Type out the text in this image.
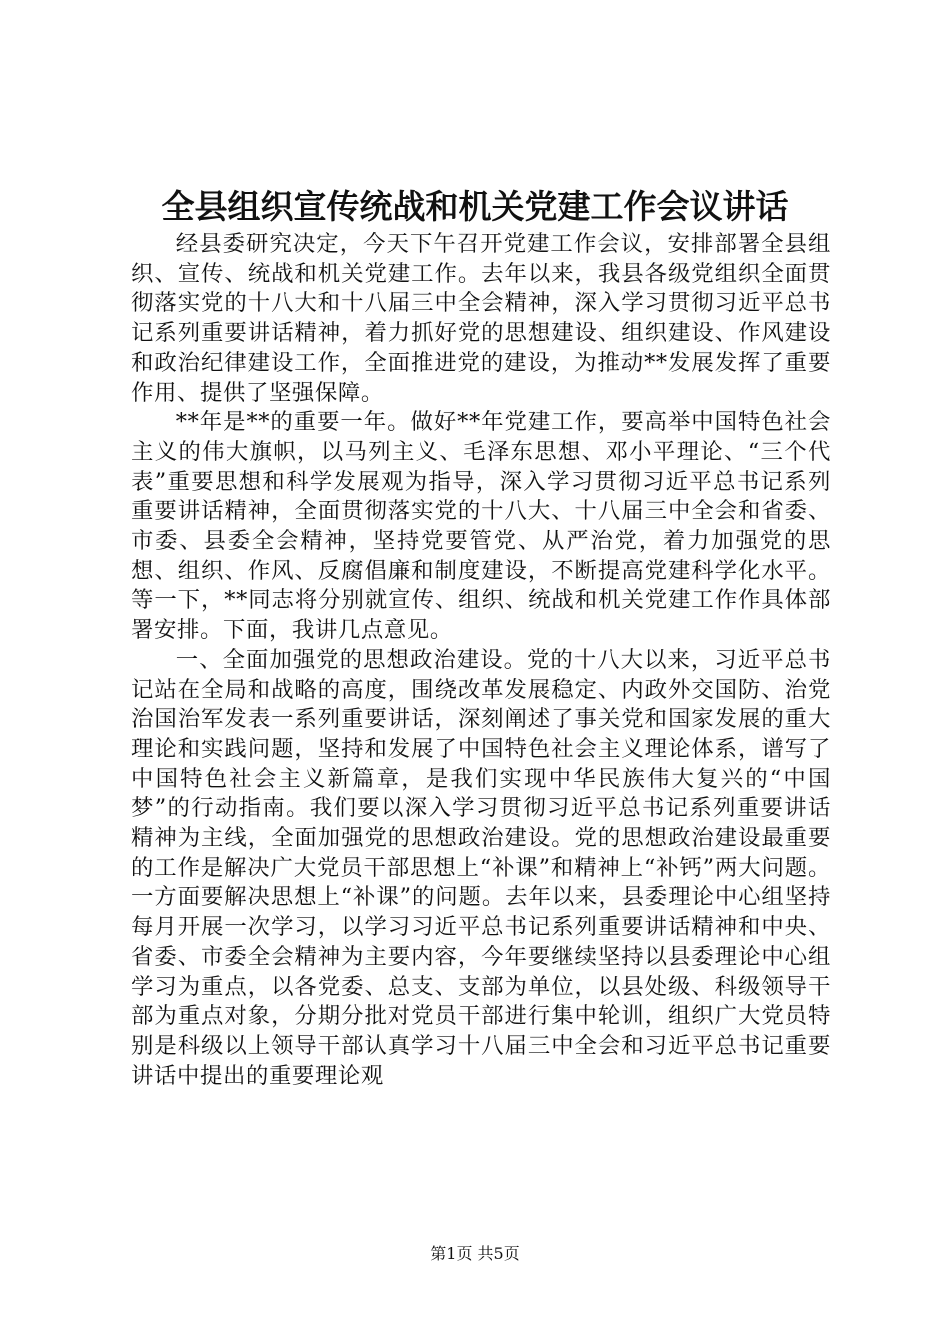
全县组织宣传统战和机关党建工作会议讲话

经县委研究决定，今天下午召开党建工作会议，安排部署全县组织、宣传、统战和机关党建工作。去年以来，我县各级党组织全面贯彻落实党的十八大和十八届三中全会精神，深入学习贯彻习近平总书记系列重要讲话精神，着力抓好党的思想建设、组织建设、作风建设和政治纪律建设工作，全面推进党的建设，为推动**发展发挥了重要作用、提供了坚强保障。

**年是**的重要一年。做好**年党建工作，要高举中国特色社会主义的伟大旗帜，以马列主义、毛泽东思想、邓小平理论、“三个代表”重要思想和科学发展观为指导，深入学习贯彻习近平总书记系列重要讲话精神，全面贯彻落实党的十八大、十八届三中全会和省委、市委、县委全会精神，坚持党要管党、从严治党，着力加强党的思想、组织、作风、反腐倡廉和制度建设，不断提高党建科学化水平。等一下，**同志将分别就宣传、组织、统战和机关党建工作作具体部署安排。下面，我讲几点意见。

一、全面加强党的思想政治建设。党的十八大以来，习近平总书记站在全局和战略的高度，围绕改革发展稳定、内政外交国防、治党治国治军发表一系列重要讲话，深刻阐述了事关党和国家发展的重大理论和实践问题，坚持和发展了中国特色社会主义理论体系，谱写了中国特色社会主义新篇章，是我们实现中华民族伟大复兴的“中国梦”的行动指南。我们要以深入学习贯彻习近平总书记系列重要讲话精神为主线，全面加强党的思想政治建设。党的思想政治建设最重要的工作是解决广大党员干部思想上“补课”和精神上“补钙”两大问题。一方面要解决思想上“补课”的问题。去年以来，县委理论中心组坚持每月开展一次学习，以学习习近平总书记系列重要讲话精神和中央、省委、市委全会精神为主要内容，今年要继续坚持以县委理论中心组学习为重点，以各党委、总支、支部为单位，以县处级、科级领导干部为重点对象，分期分批对党员干部进行集中轮训，组织广大党员特别是科级以上领导干部认真学习十八届三中全会和习近平总书记重要讲话中提出的重要理论观

第1页 共5页
